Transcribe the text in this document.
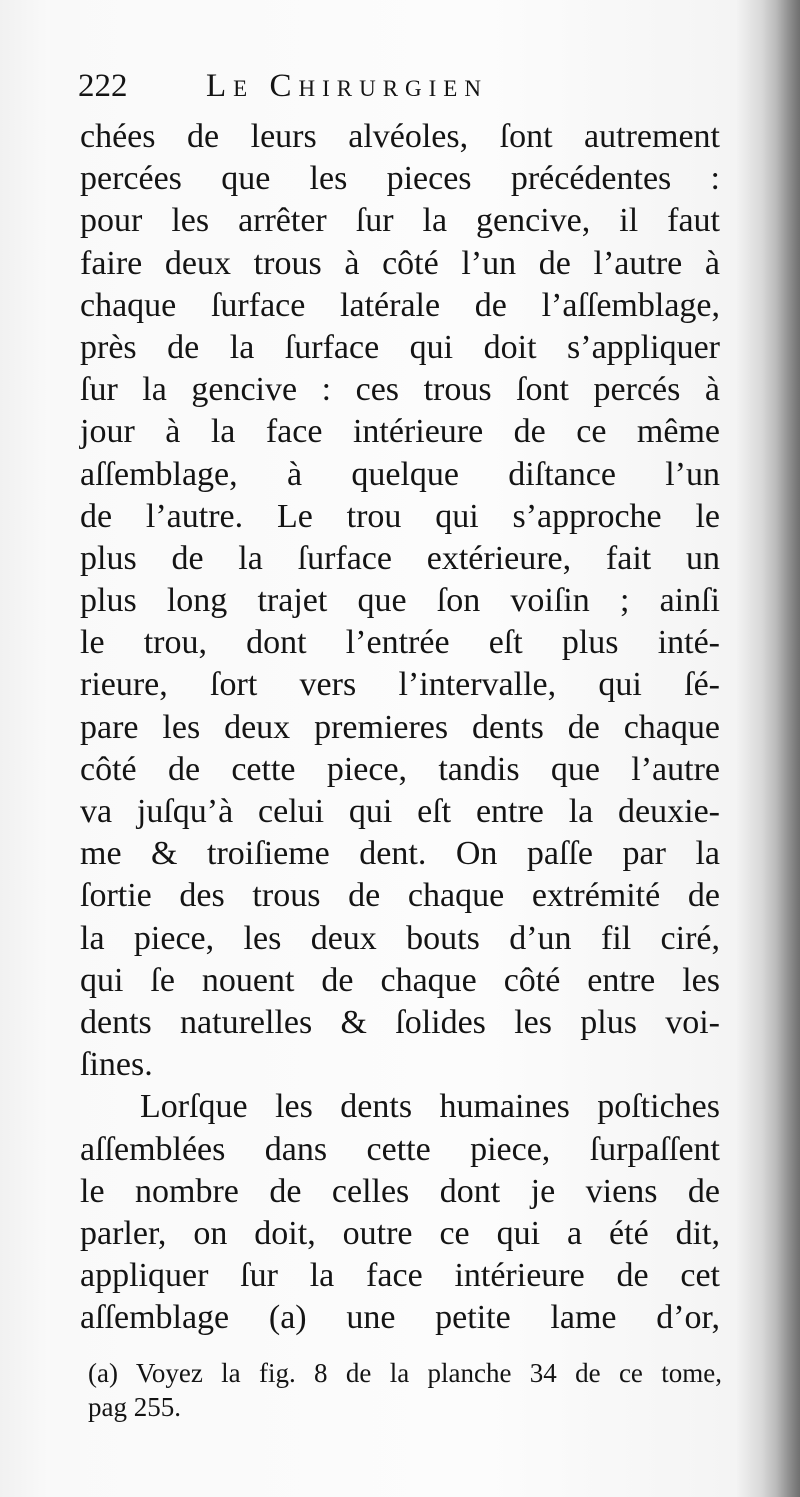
222 Le Chirurgien
chées de leurs alvéoles, ſont autrement
percées que les pieces précédentes :
pour les arrêter ſur la gencive, il faut
faire deux trous à côté l’un de l’autre à
chaque ſurface latérale de l’aſſemblage,
près de la ſurface qui doit s’appliquer
ſur la gencive : ces trous ſont percés à
jour à la face intérieure de ce même
aſſemblage, à quelque diſtance l’un
de l’autre. Le trou qui s’approche le
plus de la ſurface extérieure, fait un
plus long trajet que ſon voiſin ; ainſi
le trou, dont l’entrée eſt plus inté-
rieure, ſort vers l’intervalle, qui ſé-
pare les deux premieres dents de chaque
côté de cette piece, tandis que l’autre
va juſqu’à celui qui eſt entre la deuxie-
me & troiſieme dent. On paſſe par la
ſortie des trous de chaque extrémité de
la piece, les deux bouts d’un fil ciré,
qui ſe nouent de chaque côté entre les
dents naturelles & ſolides les plus voi-
ſines.
Lorſque les dents humaines poſtiches
aſſemblées dans cette piece, ſurpaſſent
le nombre de celles dont je viens de
parler, on doit, outre ce qui a été dit,
appliquer ſur la face intérieure de cet
aſſemblage (a) une petite lame d’or,
(a) Voyez la fig. 8 de la planche 34 de ce tome,
pag 255.
